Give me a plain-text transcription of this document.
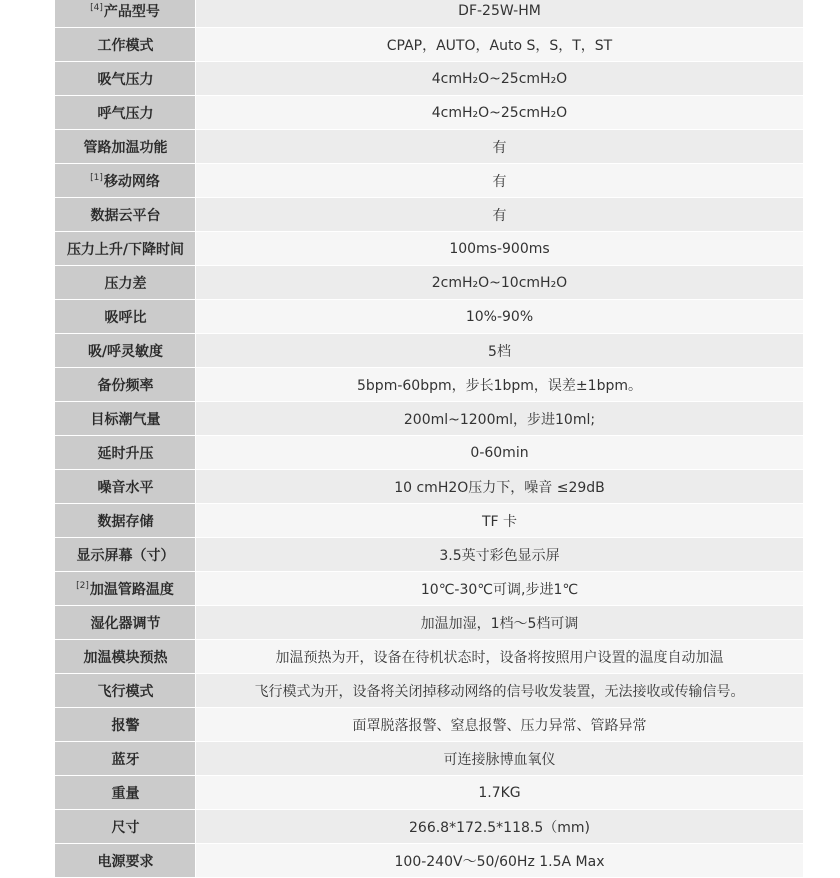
[4]产品型号	DF-25W-HM
工作模式	CPAP，AUTO，Auto S，S，T，ST
吸气压力	4cmH₂O~25cmH₂O
呼气压力	4cmH₂O~25cmH₂O
管路加温功能	有
[1]移动网络	有
数据云平台	有
压力上升/下降时间	100ms-900ms
压力差	2cmH₂O~10cmH₂O
吸呼比	10%-90%
吸/呼灵敏度	5档
备份频率	5bpm-60bpm，步长1bpm，误差±1bpm。
目标潮气量	200ml~1200ml，步进10ml;
延时升压	0-60min
噪音水平	10 cmH2O压力下，噪音 ≤29dB
数据存储	TF 卡
显示屏幕（寸）	3.5英寸彩色显示屏
[2]加温管路温度	10℃-30℃可调,步进1℃
湿化器调节	加温加湿，1档～5档可调
加温模块预热	加温预热为开，设备在待机状态时，设备将按照用户设置的温度自动加温
飞行模式	飞行模式为开，设备将关闭掉移动网络的信号收发装置，无法接收或传输信号。
报警	面罩脱落报警、窒息报警、压力异常、管路异常
蓝牙	可连接脉博血氧仪
重量	1.7KG
尺寸	266.8*172.5*118.5（mm)
电源要求	100-240V～50/60Hz 1.5A Max
